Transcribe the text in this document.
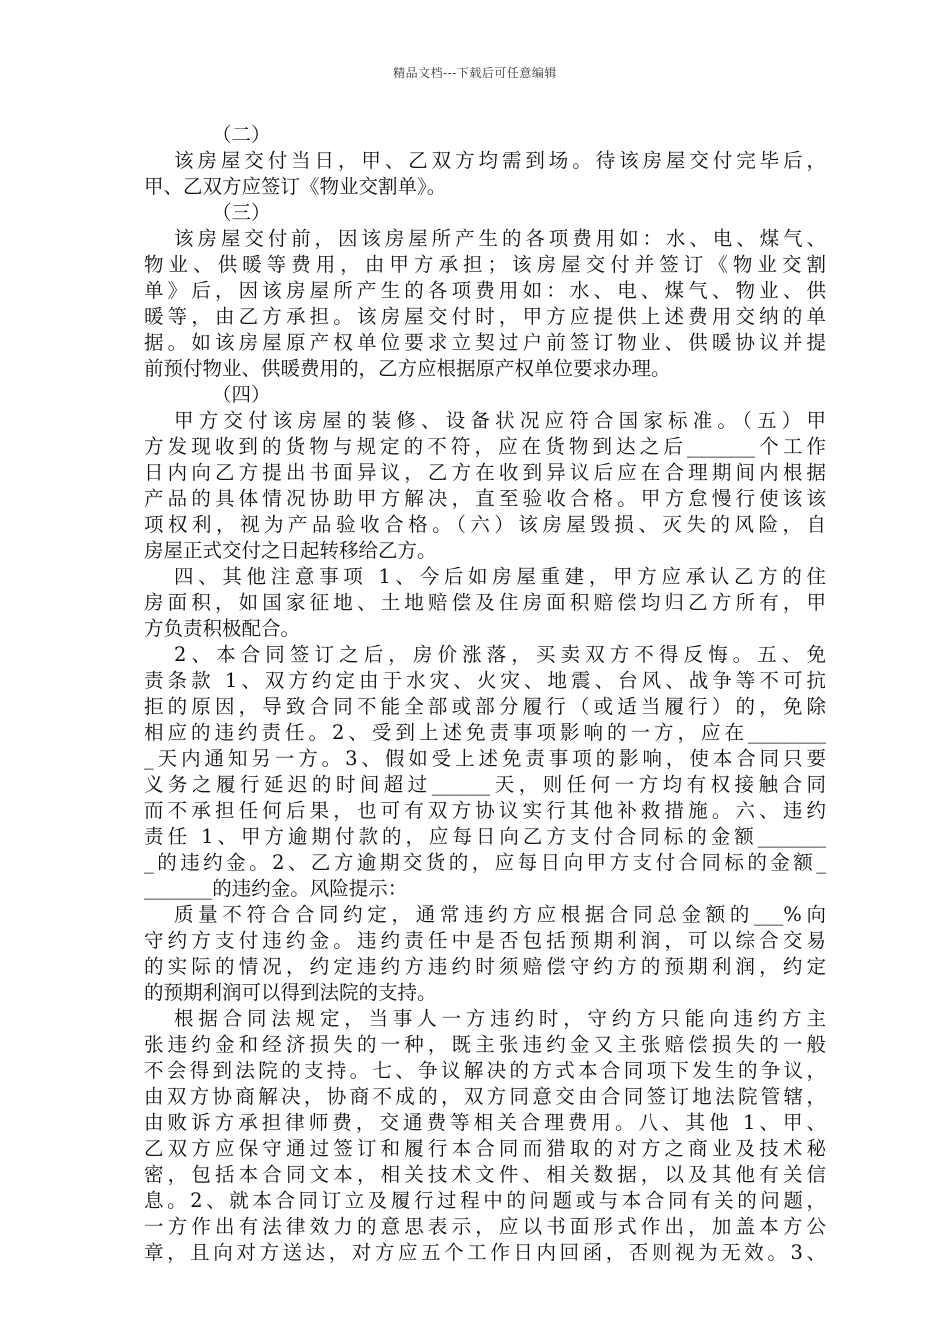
精品文档---下载后可任意编辑
（二）
该房屋交付当日，甲、乙双方均需到场。待该房屋交付完毕后，
甲、乙双方应签订《物业交割单》。
（三）
该房屋交付前，因该房屋所产生的各项费用如：水、电、煤气、
物业、供暖等费用，由甲方承担；该房屋交付并签订《物业交割
单》后，因该房屋所产生的各项费用如：水、电、煤气、物业、供
暖等，由乙方承担。该房屋交付时，甲方应提供上述费用交纳的单
据。如该房屋原产权单位要求立契过户前签订物业、供暖协议并提
前预付物业、供暖费用的，乙方应根据原产权单位要求办理。
（四）
甲方交付该房屋的装修、设备状况应符合国家标准。（五）甲
方发现收到的货物与规定的不符，应在货物到达之后_______个工作
日内向乙方提出书面异议，乙方在收到异议后应在合理期间内根据
产品的具体情况协助甲方解决，直至验收合格。甲方怠慢行使该该
项权利，视为产品验收合格。（六）该房屋毁损、灭失的风险，自
房屋正式交付之日起转移给乙方。
四、其他注意事项 1、今后如房屋重建，甲方应承认乙方的住
房面积，如国家征地、土地赔偿及住房面积赔偿均归乙方所有，甲
方负责积极配合。
2、本合同签订之后，房价涨落，买卖双方不得反悔。五、免
责条款 1、双方约定由于水灾、火灾、地震、台风、战争等不可抗
拒的原因，导致合同不能全部或部分履行（或适当履行）的，免除
相应的违约责任。2、受到上述免责事项影响的一方，应在________
_天内通知另一方。3、假如受上述免责事项的影响，使本合同只要
义务之履行延迟的时间超过______天，则任何一方均有权接触合同
而不承担任何后果，也可有双方协议实行其他补救措施。六、违约
责任 1、甲方逾期付款的，应每日向乙方支付合同标的金额_______
_的违约金。2、乙方逾期交货的，应每日向甲方支付合同标的金额_
_______的违约金。风险提示：
质量不符合合同约定，通常违约方应根据合同总金额的___%向
守约方支付违约金。违约责任中是否包括预期利润，可以综合交易
的实际的情况，约定违约方违约时须赔偿守约方的预期利润，约定
的预期利润可以得到法院的支持。
根据合同法规定，当事人一方违约时，守约方只能向违约方主
张违约金和经济损失的一种，既主张违约金又主张赔偿损失的一般
不会得到法院的支持。七、争议解决的方式本合同项下发生的争议，
由双方协商解决，协商不成的，双方同意交由合同签订地法院管辖，
由败诉方承担律师费，交通费等相关合理费用。八、其他 1、甲、
乙双方应保守通过签订和履行本合同而猎取的对方之商业及技术秘
密，包括本合同文本，相关技术文件、相关数据，以及其他有关信
息。2、就本合同订立及履行过程中的问题或与本合同有关的问题，
一方作出有法律效力的意思表示，应以书面形式作出，加盖本方公
章，且向对方送达，对方应五个工作日内回函，否则视为无效。3、
